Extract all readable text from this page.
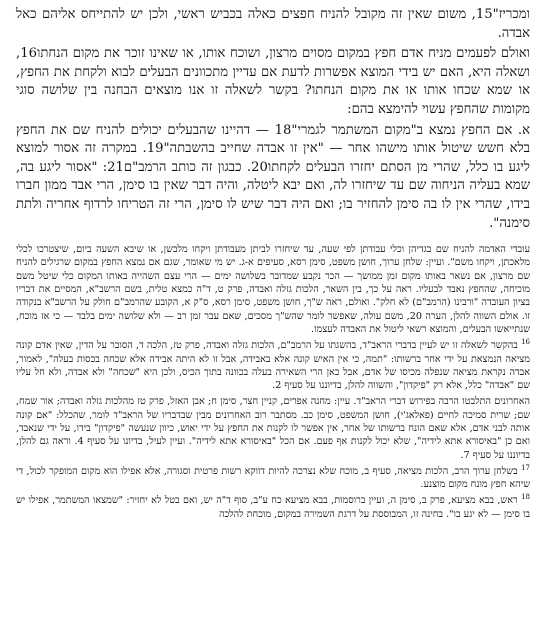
ומכריז"15, משום שאין זה מקובל להניח חפצים כאלה בכביש ראשי, ולכן יש להתייחס אליהם כאל אבדה.

ואולם לפעמים מניח אדם חפץ במקום מסוים מרצון, ושוכח אותו, או שאינו זוכר את מקום הנחתו16, ושאלה היא, האם יש בידי המוצא אפשרות לדעת אם עדיין מתכוונים הבעלים לבוא ולקחת את החפץ, או שמא שכחו אותו או את מקום הנחתו? בקשר לשאלה זו אנו מוצאים הבחנה בין שלושה סוגי מקומות שהחפץ עשוי להימצא בהם:

א. אם החפץ נמצא ב"מקום המשתמר לגמרי"18 — דהיינו שהבעלים יכולים להניח שם את החפץ בלא חשש שיטול אותו מישהו אחר — "אין זו אבדה שחייב בהשבתה"19. במקרה זה אסור למוצא ליגע בו כלל, שהרי מן הסתם יחזרו הבעלים לקחתו20. כבגון זה כותב הרמב"ם21: "אסור ליגע בה, שמא בעליה הניחוה שם עד שיחזרו לה, ואם יבא ליטלה, והיה דבר שאין בו סימן, הרי אבד ממון חברו בידו, שהרי אין לו בה סימן להחזיר בו; ואם היה דבר שיש לו סימן, הרי זה הטריחו לרדוף אחריה ולתת סימנה".

עובדי האדמה להניח שם בגדיהן וכלי עבודתן לפי שעה, עד שיחזרו לביתן מעבודתן ויקחו מלבשן, או שיבא השעה ביום, שיצטרכו לכלי מלאכתן, ויקחו משם". ועיין: שלחן ערוך, חושן משפט, סימן רסא, סעיפים א-ג. יש מי שאומר, שגם אם נמצא החפץ במקום שרגילים להניח שם מרצון, אם נשאר באותו מקום זמן ממושך — הכר נקבע שמדובר בשלושה ימים — הרי עצם השהייה באותו המקום כלי שיטל משם מוכיחה, שהחפץ נאבד לבעליו. ראה על כך, בין השאר, הלכות גזלה ואבדה, פרק ט, ד"ה כמצא טלית, בשם הרשב"א, המסיים את דבריו בציון העובדה "ורבינו (הרמב"ם) לא חלק". ואולם, ראה ש"ך, חושן משפט, סימן רסא, ס"ק א, הקובע שהרמב"ם חולק על הרשב"א בנקודה זו. אולם השווה להלן, הערה 20, משם עולה, שאפשר לומר שהש"ך מסכים, שאם עבר זמן רב — ולא שלושה ימים בלבד — כי אז מוכח, שנתייאשו הבעלים, והמוצא רשאי ליטול את האבדה לעצמו.

$^{16}$ בהקשר לשאלה זו יש לעיין בדברי הראב"ד, בהשגתו על הרמב"ם, הלכות גזלה ואבדה, פרק טז, הלכה ד, הסובר על הדין, שאין אדם קונה מציאה הנמצאת על ידי אחר ברשותו: "תמה, כי אין האיש קונה אלא באבידה, אבל זו לא היתה אבידה אלא שכחה בכסות בעלה", לאמור, אבדה נקראת מציאה שנפלה מכיסו של אדם, אבל כאן הרי השאירה בעלה בכוונה בתוך הכיס, ולכן היא "שכחה" ולא אבדה, ולא חל עליו שם "אבדה" כלל, אלא רק "פיקדון", והשווה להלן, בדיוננו על סעיף 2.

האחרונים התלבטו הרבה בפירוש דברי הראב"ד. עיין: מחנה אפרים, קניין חצר, סימן ח; אבן האזל, פרק טז מהלכות גזלה ואבדה; אור שמח, שם; שרית סמיכה לחיים (פאלאג'י), חושן המשפט, סימן כב. מסתבר רוב האחרונים מבין שבדבריו של הראב"ד לומר, שהכלל: "אם קונה אותה לבני אדם, אלא שאם הונח ברשותו של אחר, אין אפשר לו לקנות את החפץ על ידי יאוש, כיוון שנעשה "פיקדון" בידו, על ידי שנאבד, ואם כן "באיסורא אתא לידיה", שלא יכול לקנות אף פעם. אם הכל "באיסורא אתא לידיה". ועיין לעיל, בדיונו על סעיף 4. וראה גם להלן, בדיוננו על סעיף 7.

$^{17}$ בשלחן ערוך הרב, הלכות מציאה, סעיף ב, מוכח שלא נצרכה להיות דווקא רשות פרטית וסגורה, אלא אפילו הוא מקום המופקר לכול, די שיהא חפץ מונח מקום מוצנע.

$^{18}$ ראש, בבא מציעא, פרק ב, סימן ה, ועיין ברוסמות, בבא מציעא כח ע"ב, סוף ד"ה יש, ואם בטל לא יחזיר: "שמצאו המשתמר, אפילו יש בו סימן — לא יגע בו". בחינה זו, המבוססת על דרגת השמירה במקום, מוכחת להלכה
